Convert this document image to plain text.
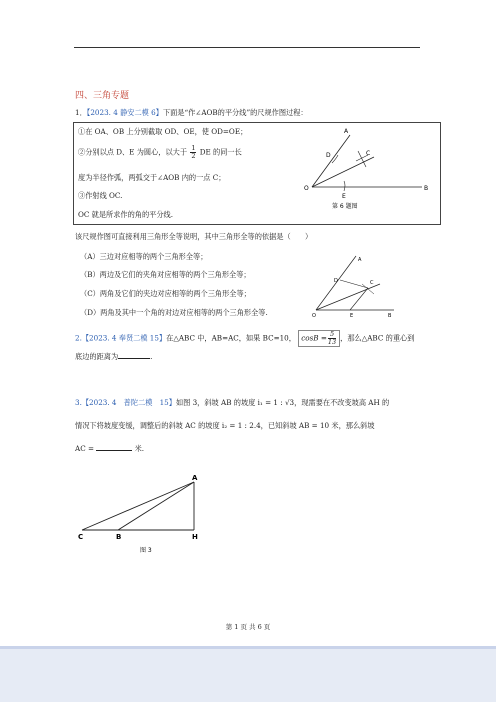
四、三角专题
1．【2023. 4 静安二模 6】下面是“作∠AOB的平分线”的尺规作图过程：
①在 OA、OB 上分别截取 OD、OE，使 OD=OE；
②分别以点 D、E 为圆心，以大于 $\frac{1}{2}$ DE 的同一长
度为半径作弧，两弧交于∠AOB 内的一点 C；
③作射线 OC.
OC 就是所求作的角的平分线.
A
C
D
O
E
B
第 6 题图
该尺规作图可直接利用三角形全等说明，其中三角形全等的依据是（　　）
（A）三边对应相等的两个三角形全等；
（B）两边及它们的夹角对应相等的两个三角形全等；
（C）两角及它们的夹边对应相等的两个三角形全等；
（D）两角及其中一个角的对边对应相等的两个三角形全等.
A
D	C
O	E	B
2.【2023. 4 奉贤二模 15】在△ABC 中，AB=AC，如果 BC=10， $\cos B = \frac{5}{13}$ ，那么△ABC 的重心到
底边的距离为	.
3.【2023. 4　普陀二模　15】如图 3，斜坡 AB 的坡度 i₁ = 1 : √3，现需要在不改变坡高 AH 的
情况下将坡度变缓，调整后的斜坡 AC 的坡度 i₂ = 1 : 2.4，已知斜坡 AB = 10 米，那么斜坡
AC =	米.
A
C	B	H
图 3
第 1 页 共 6 页
